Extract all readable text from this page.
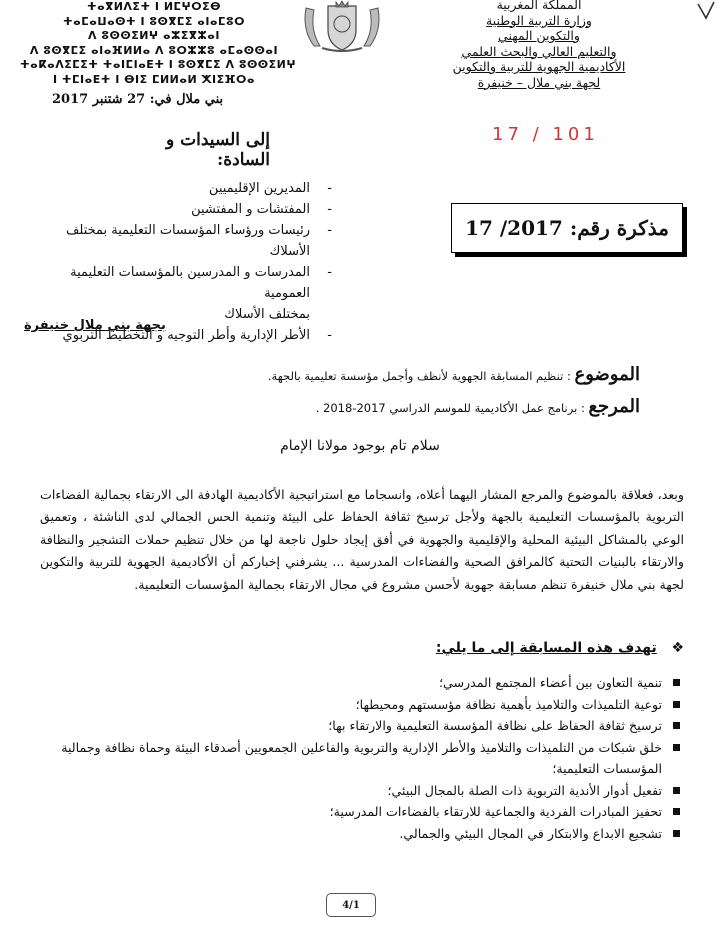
ⵜⴰⴳⵍⴷⵉⵜ ⵏ ⵍⵎⵖⵔⵉⴱ
ⵜⴰⵎⴰⵡⴰⵙⵜ ⵏ ⵓⵙⴳⵎⵉ ⴰⵏⴰⵎⵓⵔ
ⴷ ⵓⵙⵙⵉⵍⵖ ⴰⵣⵉⴳⵣⴰⵏ
ⴷ ⵓⵙⴳⵎⵉ ⴰⵏⴰⴼⵍⵍⴰ ⴷ ⵓⵔⵣⵣⵓ ⴰⵎⴰⵙⵙⴰⵏ
ⵜⴰⴽⴰⴷⵉⵎⵉⵜ ⵜⴰⵏⵎⵏⴰⴹⵜ ⵏ ⵓⵙⴳⵎⵉ ⴷ ⵓⵙⵙⵉⵍⵖ
ⵏ ⵜⵎⵏⴰⴹⵜ ⵏ ⴱⵏⵉ ⵎⵍⵍⴰⵍ ⵅⵏⵉⴼⵔⴰ
المملكة المغربية
وزارة التربية الوطنية
والتكوين المهني
والتعليم العالي والبحث العلمي
الأكاديمية الجهوية للتربية والتكوين
لجهة بني ملال – خنيفرة
بني ملال في: 27 شتنبر 2017
17 / 101
إلى السيدات و السادة:
-
المديرين الإقليميين
-
المفتشات و المفتشين
-
رئيسات ورؤساء المؤسسات التعليمية بمختلف الأسلاك
-
المدرسات و المدرسين بالمؤسسات التعليمية العمومية
بمختلف الأسلاك
-
الأطر الإدارية وأطر التوجيه و التخطيط التربوي
بجهة بني ملال خنيفرة
مذكرة رقم:

17 /2017
الموضوع : تنظيم المسابقة الجهوية لأنظف وأجمل مؤسسة تعليمية بالجهة.
المرجع : برنامج عمل الأكاديمية للموسم الدراسي 2017-2018 .
سلام تام بوجود مولانا الإمام
وبعد، فعلاقة بالموضوع والمرجع المشار اليهما أعلاه، وانسجاما مع استراتيجية الأكاديمية الهادفة الى الارتقاء بجمالية الفضاءات التربوية بالمؤسسات التعليمية بالجهة ولأجل ترسيخ ثقافة الحفاظ على البيئة وتنمية الحس الجمالي لدى الناشئة ، وتعميق الوعي بالمشاكل البيئية المحلية والإقليمية والجهوية في أفق إيجاد حلول ناجعة لها من خلال تنظيم حملات التشجير والنظافة والارتقاء بالبنيات التحتية كالمرافق الصحية والفضاءات المدرسية ... يشرفني إخباركم أن الأكاديمية الجهوية للتربية والتكوين لجهة بني ملال خنيفرة تنظم مسابقة جهوية لأحسن مشروع في مجال الارتقاء بجمالية المؤسسات التعليمية.
❖   تهدف هذه المسابقة إلى ما يلي:
تنمية التعاون بين أعضاء المجتمع المدرسي؛
توعية التلميذات والتلاميذ بأهمية نظافة مؤسستهم ومحيطها؛
ترسيخ ثقافة الحفاظ على نظافة المؤسسة التعليمية والارتقاء بها؛
خلق شبكات من التلميذات والتلاميذ والأطر الإدارية والتربوية والفاعلين الجمعويين أصدقاء البيئة وحماة نظافة وجمالية المؤسسات التعليمية؛
تفعيل أدوار الأندية التربوية ذات الصلة بالمجال البيئي؛
تحفيز المبادرات الفردية والجماعية للارتقاء بالفضاءات المدرسية؛
تشجيع الابداع والابتكار في المجال البيئي والجمالي.
4/1
